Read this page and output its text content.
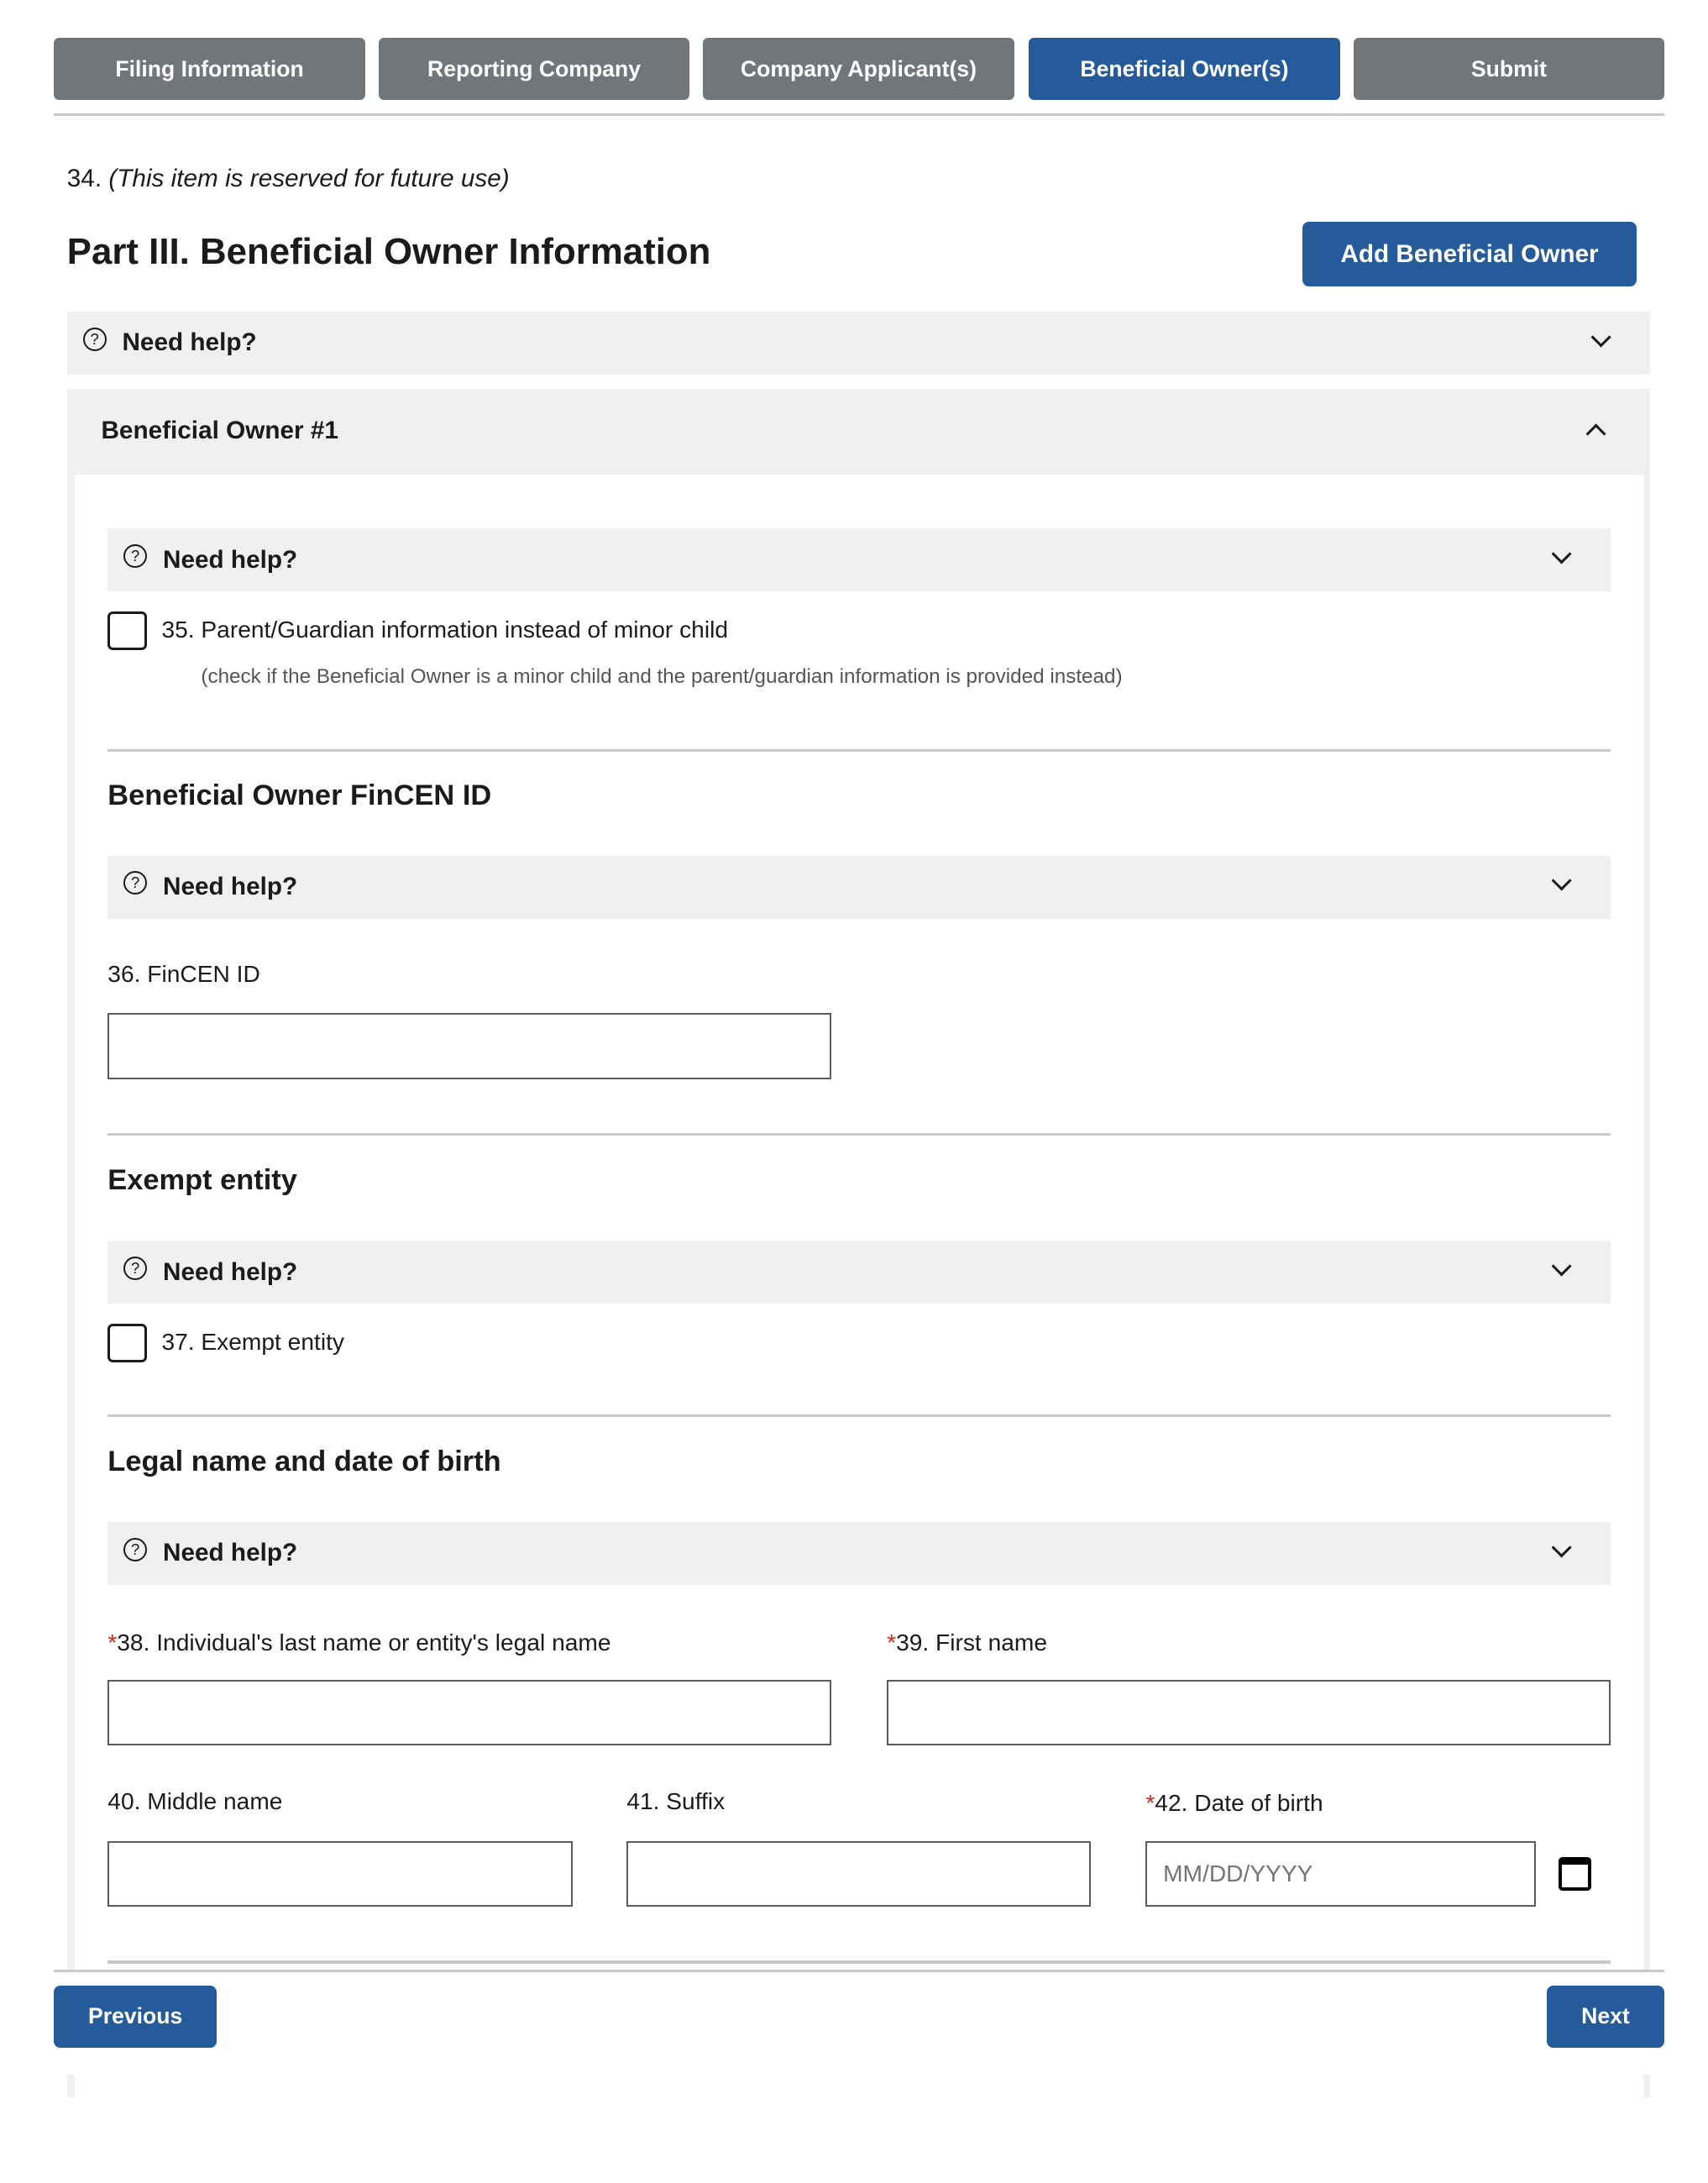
Filing Information	Reporting Company	Company Applicant(s)	Beneficial Owner(s)	Submit
34. (This item is reserved for future use)
Part III. Beneficial Owner Information	Add Beneficial Owner
?	Need help?
Beneficial Owner #1
?	Need help?
35. Parent/Guardian information instead of minor child
(check if the Beneficial Owner is a minor child and the parent/guardian information is provided instead)
Beneficial Owner FinCEN ID
?	Need help?
36. FinCEN ID
Exempt entity
?	Need help?
37. Exempt entity
Legal name and date of birth
?	Need help?
*38. Individual's last name or entity's legal name	*39. First name
40. Middle name	41. Suffix	*42. Date of birth
MM/DD/YYYY
Previous	Next
